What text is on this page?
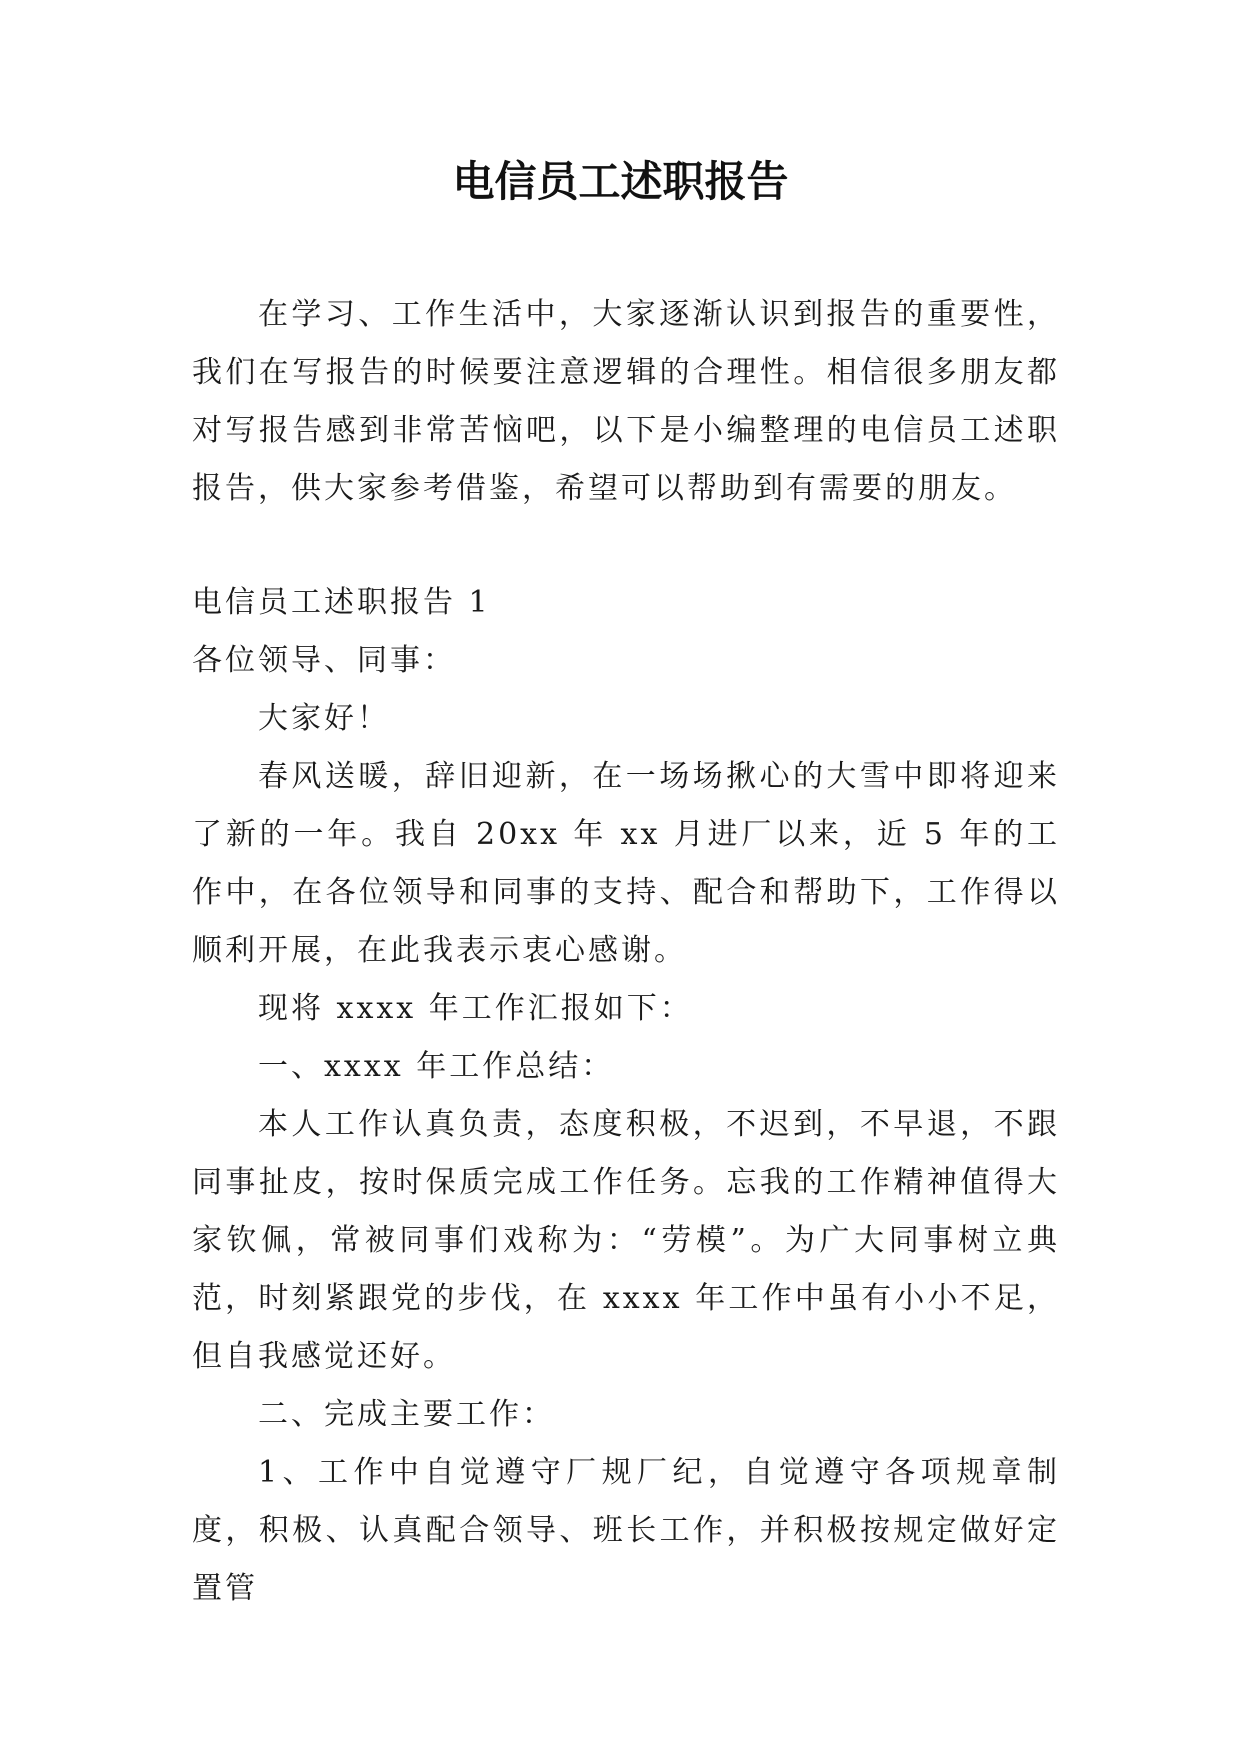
电信员工述职报告

在学习、工作生活中，大家逐渐认识到报告的重要性，我们在写报告的时候要注意逻辑的合理性。相信很多朋友都对写报告感到非常苦恼吧，以下是小编整理的电信员工述职报告，供大家参考借鉴，希望可以帮助到有需要的朋友。

电信员工述职报告 1

各位领导、同事：

大家好！

春风送暖，辞旧迎新，在一场场揪心的大雪中即将迎来了新的一年。我自 20xx 年 xx 月进厂以来，近 5 年的工作中，在各位领导和同事的支持、配合和帮助下，工作得以顺利开展，在此我表示衷心感谢。

现将 xxxx 年工作汇报如下：

一、xxxx 年工作总结：

本人工作认真负责，态度积极，不迟到，不早退，不跟同事扯皮，按时保质完成工作任务。忘我的工作精神值得大家钦佩，常被同事们戏称为：“劳模”。为广大同事树立典范，时刻紧跟党的步伐，在 xxxx 年工作中虽有小小不足，但自我感觉还好。

二、完成主要工作：

1、工作中自觉遵守厂规厂纪，自觉遵守各项规章制度，积极、认真配合领导、班长工作，并积极按规定做好定置管
